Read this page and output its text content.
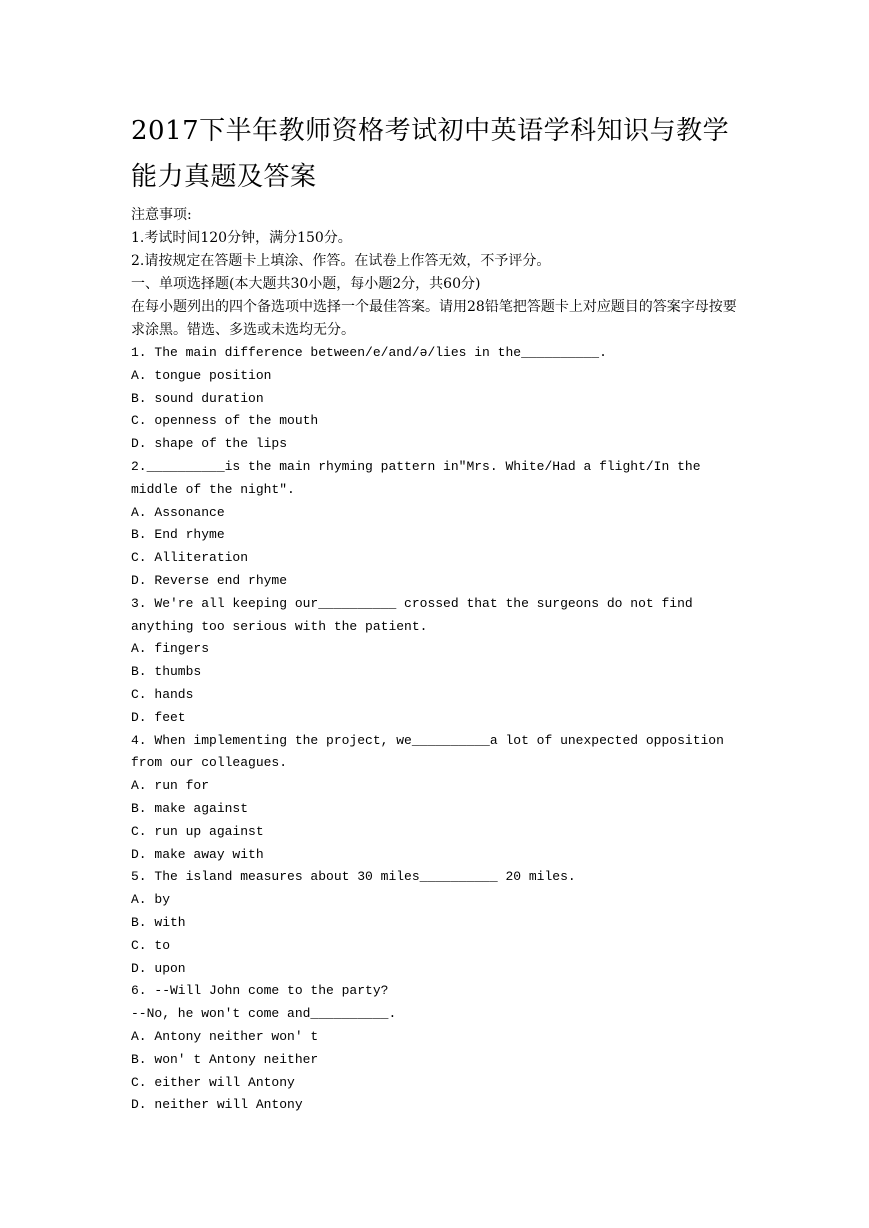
2017下半年教师资格考试初中英语学科知识与教学能力真题及答案

注意事项:

1.考试时间120分钟，满分150分。

2.请按规定在答题卡上填涂、作答。在试卷上作答无效，不予评分。

一、单项选择题(本大题共30小题，每小题2分，共60分)

在每小题列出的四个备选项中选择一个最佳答案。请用28铅笔把答题卡上对应题目的答案字母按要求涂黑。错选、多选或未选均无分。

1. The main difference between/e/and/ə/lies in the__________.

A. tongue position
B. sound duration
C. openness of the mouth
D. shape of the lips

2.__________is the main rhyming pattern in"Mrs. White/Had a flight/In the middle of the night".

A. Assonance
B. End rhyme
C. Alliteration
D. Reverse end rhyme

3. We're all keeping our__________ crossed that the surgeons do not find anything too serious with the patient.

A. fingers
B. thumbs
C. hands
D. feet

4. When implementing the project, we__________a lot of unexpected opposition from our colleagues.

A. run for
B. make against
C. run up against
D. make away with

5. The island measures about 30 miles__________ 20 miles.

A. by
B. with
C. to
D. upon

6. --Will John come to the party?
--No, he won't come and__________.

A. Antony neither won' t
B. won' t Antony neither
C. either will Antony
D. neither will Antony
